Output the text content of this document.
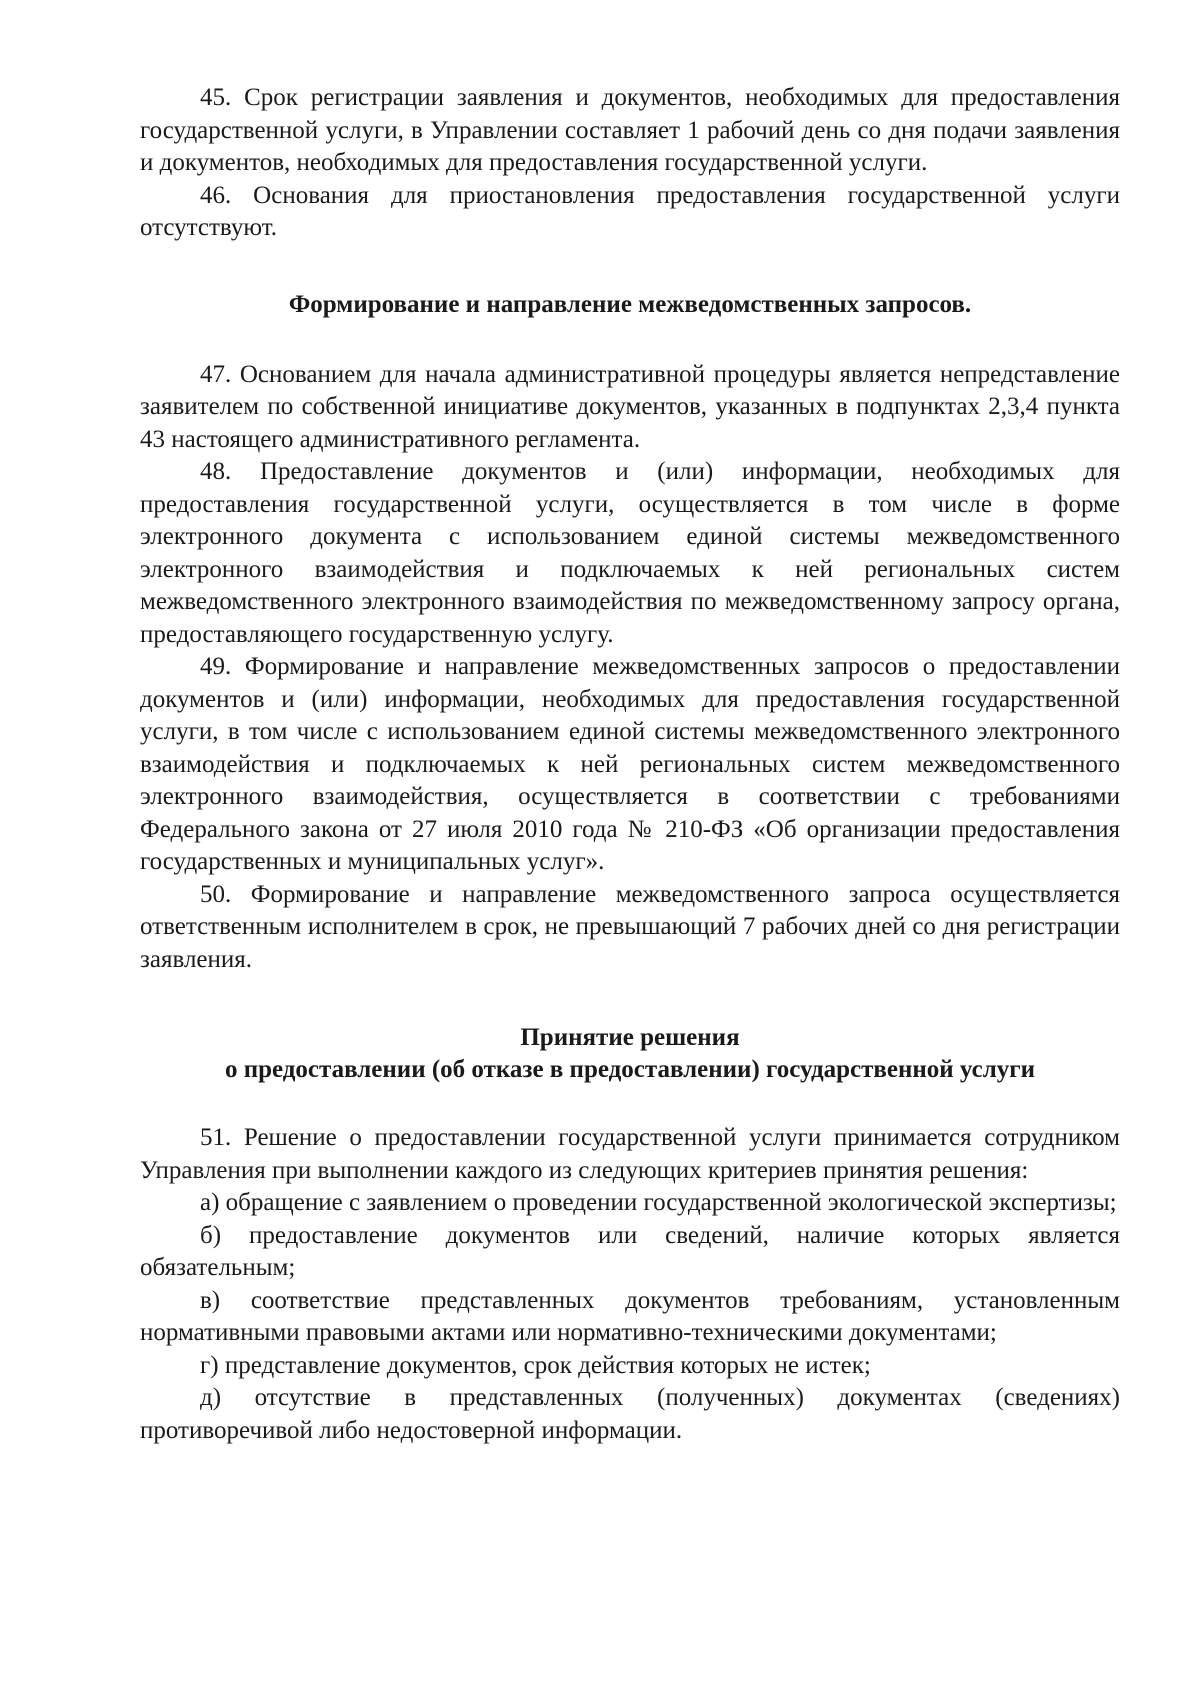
45. Срок регистрации заявления и документов, необходимых для предоставления государственной услуги, в Управлении составляет 1 рабочий день со дня подачи заявления и документов, необходимых для предоставления государственной услуги.

46. Основания для приостановления предоставления государственной услуги отсутствуют.

Формирование и направление межведомственных запросов.

47. Основанием для начала административной процедуры является непредставление заявителем по собственной инициативе документов, указанных в подпунктах 2,3,4 пункта 43 настоящего административного регламента.

48. Предоставление документов и (или) информации, необходимых для предоставления государственной услуги, осуществляется в том числе в форме электронного документа с использованием единой системы межведомственного электронного взаимодействия и подключаемых к ней региональных систем межведомственного электронного взаимодействия по межведомственному запросу органа, предоставляющего государственную услугу.

49. Формирование и направление межведомственных запросов о предоставлении документов и (или) информации, необходимых для предоставления государственной услуги, в том числе с использованием единой системы межведомственного электронного взаимодействия и подключаемых к ней региональных систем межведомственного электронного взаимодействия, осуществляется в соответствии с требованиями Федерального закона от 27 июля 2010 года № 210-ФЗ «Об организации предоставления государственных и муниципальных услуг».

50. Формирование и направление межведомственного запроса осуществляется ответственным исполнителем в срок, не превышающий 7 рабочих дней со дня регистрации заявления.

Принятие решения

о предоставлении (об отказе в предоставлении) государственной услуги

51. Решение о предоставлении государственной услуги принимается сотрудником Управления при выполнении каждого из следующих критериев принятия решения:

а) обращение с заявлением о проведении государственной экологической экспертизы;

б) предоставление документов или сведений, наличие которых является обязательным;

в) соответствие представленных документов требованиям, установленным нормативными правовыми актами или нормативно-техническими документами;

г) представление документов, срок действия которых не истек;

д) отсутствие в представленных (полученных) документах (сведениях) противоречивой либо недостоверной информации.
